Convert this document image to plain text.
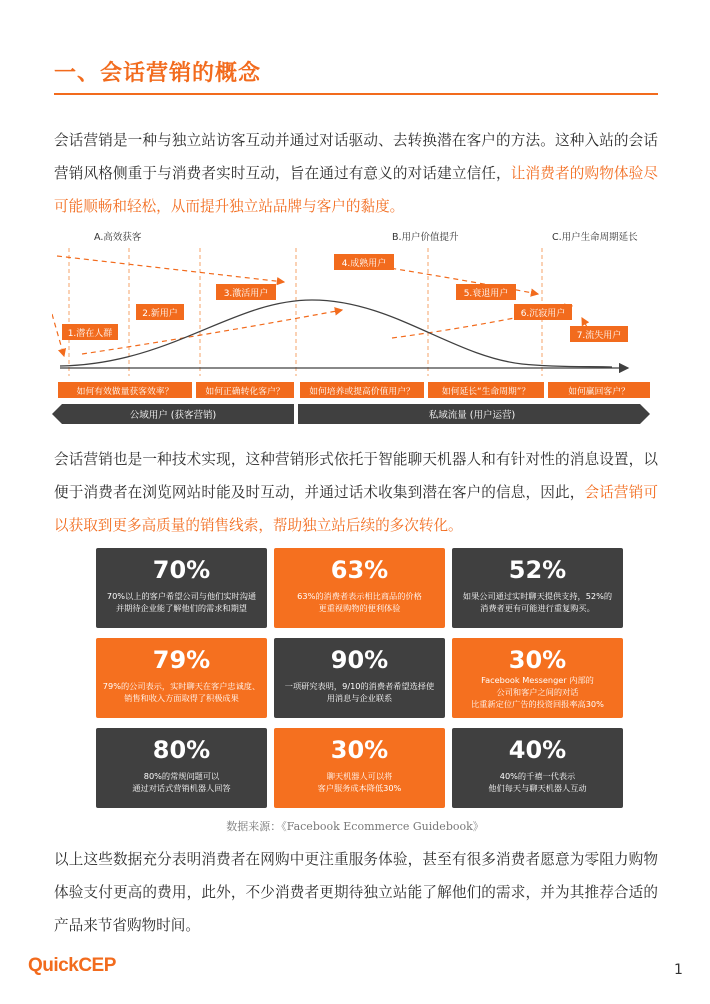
一、会话营销的概念

会话营销是一种与独立站访客互动并通过对话驱动、去转换潜在客户的方法。这种入站的会话营销风格侧重于与消费者实时互动，旨在通过有意义的对话建立信任，让消费者的购物体验尽可能顺畅和轻松，从而提升独立站品牌与客户的黏度。

A.高效获客	B.用户价值提升	C.用户生命周期延长
1.潜在人群
2.新用户
3.激活用户
4.成熟用户
5.衰退用户
6.沉寂用户
7.流失用户
如何有效做量获客效率？	如何正确转化客户？	如何培养或提高价值用户？	如何延长“生命周期”？	如何赢回客户？
公域用户 (获客营销)	私域流量 (用户运营)

会话营销也是一种技术实现，这种营销形式依托于智能聊天机器人和有针对性的消息设置，以便于消费者在浏览网站时能及时互动，并通过话术收集到潜在客户的信息，因此，会话营销可以获取到更多高质量的销售线索，帮助独立站后续的多次转化。

70%
70%以上的客户希望公司与他们实时沟通
并期待企业能了解他们的需求和期望
63%
63%的消费者表示相比商品的价格
更重视购物的便利体验
52%
如果公司通过实时聊天提供支持，52%的
消费者更有可能进行重复购买。
79%
79%的公司表示，实时聊天在客户忠诚度、
销售和收入方面取得了积极成果
90%
一项研究表明，9/10的消费者希望选择使
用消息与企业联系
30%
Facebook Messenger 内部的
公司和客户之间的对话
比重新定位广告的投资回报率高30%
80%
80%的常规问题可以
通过对话式营销机器人回答
30%
聊天机器人可以将
客户服务成本降低30%
40%
40%的千禧一代表示
他们每天与聊天机器人互动
数据来源：《Facebook Ecommerce Guidebook》

以上这些数据充分表明消费者在网购中更注重服务体验，甚至有很多消费者愿意为零阻力购物体验支付更高的费用，此外，不少消费者更期待独立站能了解他们的需求，并为其推荐合适的产品来节省购物时间。

QuickCEP	1
